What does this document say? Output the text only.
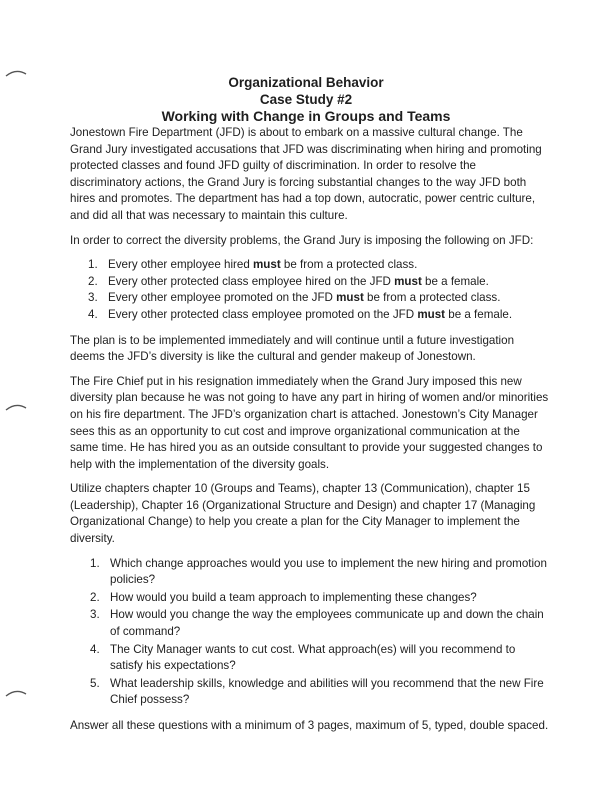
Organizational Behavior
Case Study #2
Working with Change in Groups and Teams

Jonestown Fire Department (JFD) is about to embark on a massive cultural change. The Grand Jury investigated accusations that JFD was discriminating when hiring and promoting protected classes and found JFD guilty of discrimination. In order to resolve the discriminatory actions, the Grand Jury is forcing substantial changes to the way JFD both hires and promotes. The department has had a top down, autocratic, power centric culture, and did all that was necessary to maintain this culture.

In order to correct the diversity problems, the Grand Jury is imposing the following on JFD:

1. Every other employee hired must be from a protected class.
2. Every other protected class employee hired on the JFD must be a female.
3. Every other employee promoted on the JFD must be from a protected class.
4. Every other protected class employee promoted on the JFD must be a female.

The plan is to be implemented immediately and will continue until a future investigation deems the JFD’s diversity is like the cultural and gender makeup of Jonestown.

The Fire Chief put in his resignation immediately when the Grand Jury imposed this new diversity plan because he was not going to have any part in hiring of women and/or minorities on his fire department. The JFD’s organization chart is attached. Jonestown’s City Manager sees this as an opportunity to cut cost and improve organizational communication at the same time. He has hired you as an outside consultant to provide your suggested changes to help with the implementation of the diversity goals.

Utilize chapters chapter 10 (Groups and Teams), chapter 13 (Communication), chapter 15 (Leadership), Chapter 16 (Organizational Structure and Design) and chapter 17 (Managing Organizational Change) to help you create a plan for the City Manager to implement the diversity.

1. Which change approaches would you use to implement the new hiring and promotion policies?
2. How would you build a team approach to implementing these changes?
3. How would you change the way the employees communicate up and down the chain of command?
4. The City Manager wants to cut cost. What approach(es) will you recommend to satisfy his expectations?
5. What leadership skills, knowledge and abilities will you recommend that the new Fire Chief possess?

Answer all these questions with a minimum of 3 pages, maximum of 5, typed, double spaced.
